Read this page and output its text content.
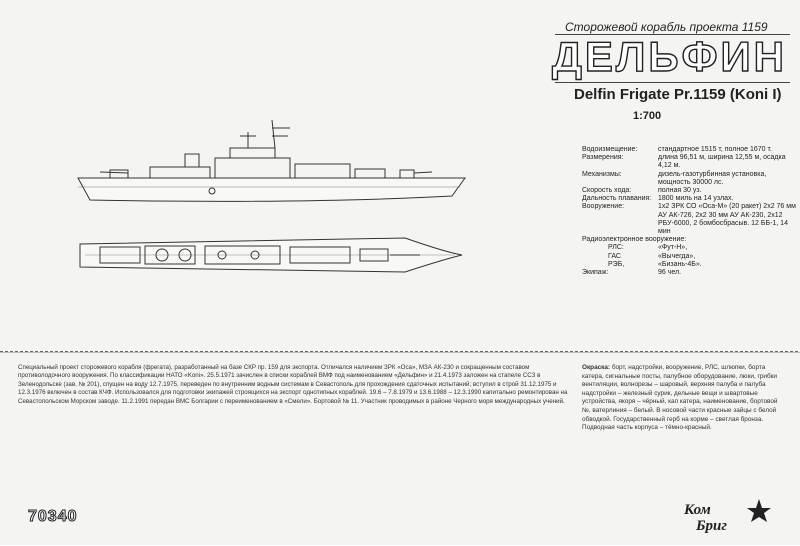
Сторожевой корабль проекта 1159
ДЕЛЬФИН
Delfin Frigate Pr.1159 (Koni I)
1:700
Водоизмещение:	стандартное 1515 т, полное 1670 т.
Размерения:	длина 96,51 м, ширина 12,55 м, осадка 4,12 м.
Механизмы:	дизель-газотурбинная установка, мощность 30000 лс.
Скорость хода:	полная 30 уз.
Дальность плавания: 1800 миль на 14 узлах.
Вооружение:	1х2 ЗРК СО «Оса-М» (20 ракет) 2х2 76 мм АУ АК-726, 2х2 30 мм АУ АК-230, 2х12 РБУ-6000, 2 бомбосбрасыв. 12 ББ-1, 14 мин
Радиоэлектронное вооружение:
РЛС:	«Фут-Н»,
ГАС	«Вычегда»,
РЭБ,	«Бизань-4Б».
Экипаж:	96 чел.
Специальный проект сторожевого корабля (фрегата), разработанный на базе СКР пр. 159 для экспорта. Отличался наличием ЗРК «Оса», МЗА АК-230 и сокращенным составом противолодочного вооружения. По классификации НАТО «Koni». 25.5.1971 зачислен в списки кораблей ВМФ под наименованием «Дельфин» и 21.4.1973 заложен на стапеле ССЗ в Зеленодольске (зав. № 201), спущен на воду 12.7.1975, переведен по внутренним водным системам в Севастополь для прохождения сдаточных испытаний; вступил в строй 31.12.1975 и 12.3.1976 включен в состав КЧФ. Использовался для подготовки экипажей строящихся на экспорт однотипных кораблей. 19.6 – 7.8.1979 и 13.6.1988 – 12.3.1990 капитально ремонтирован на Севастопольском Морском заводе. 11.2.1991 передан ВМС Болгарии с переименованием в «Смели». Бортовой № 11. Участник проводимых в районе Черного моря международных учений.
Окраска: борт, надстройки, вооружение, РЛС, шлюпки, борта катера, сигнальные посты, палубное оборудование, люки, грибки вентиляции, волнорезы – шаровый, верхняя палуба и палуба надстройки – железный сурик, дельные вещи и швартовые устройства, якоря – чёрный, кап катера, наименование, бортовой №, ватерлиния – белый. В носовой части красные зайцы с белой обводкой. Государственный герб на корме – светлая бронза. Подводная часть корпуса – тёмно-красный.
70340	Ком
Бриг
